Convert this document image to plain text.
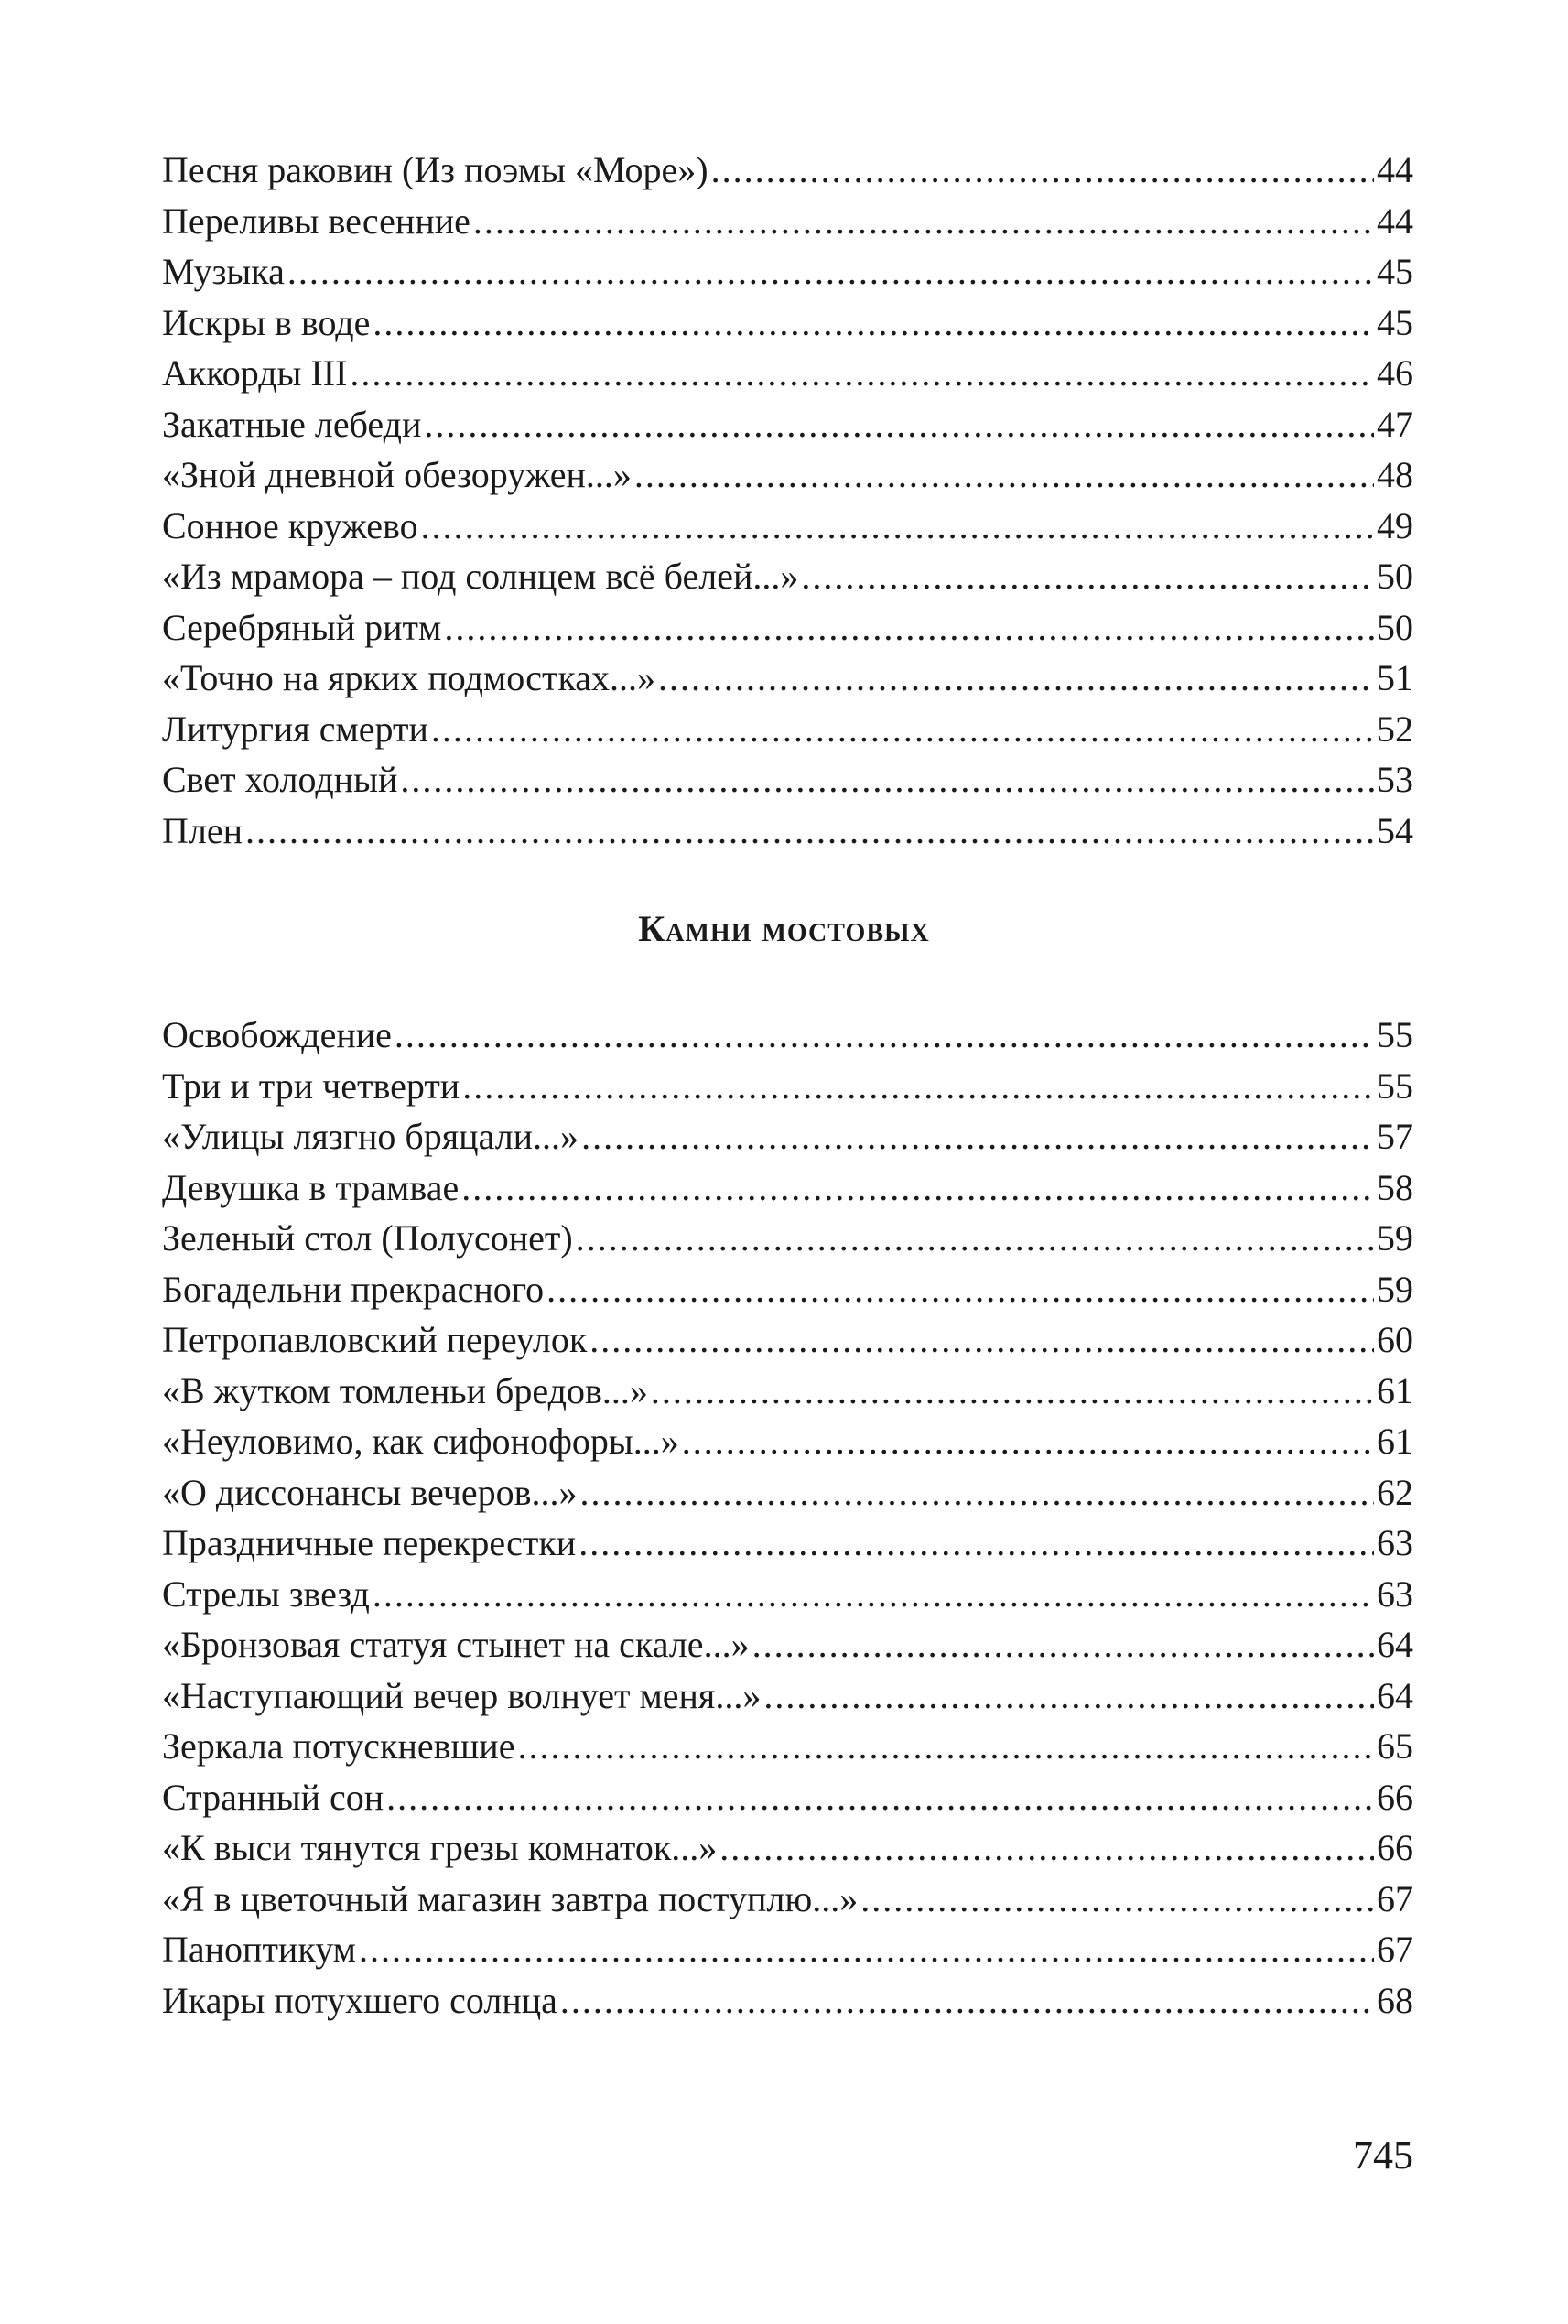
Песня раковин (Из поэмы «Море») .....	44
Переливы весенние .....	44
Музыка .....	45
Искры в воде .....	45
Аккорды III .....	46
Закатные лебеди .....	47
«Зной дневной обезоружен...» .....	48
Сонное кружево .....	49
«Из мрамора – под солнцем всё белей...» .....	50
Серебряный ритм .....	50
«Точно на ярких подмостках...» .....	51
Литургия смерти .....	52
Свет холодный .....	53
Плен .....	54
Камни мостовых
Освобождение .....	55
Три и три четверти .....	55
«Улицы лязгно бряцали...» .....	57
Девушка в трамвае .....	58
Зеленый стол (Полусонет) .....	59
Богадельни прекрасного .....	59
Петропавловский переулок .....	60
«В жутком томленьи бредов...» .....	61
«Неуловимо, как сифонофоры...» .....	61
«О диссонансы вечеров...» .....	62
Праздничные перекрестки .....	63
Стрелы звезд .....	63
«Бронзовая статуя стынет на скале...» .....	64
«Наступающий вечер волнует меня...» .....	64
Зеркала потускневшие .....	65
Странный сон .....	66
«К выси тянутся грезы комнаток...» .....	66
«Я в цветочный магазин завтра поступлю...» .....	67
Паноптикум .....	67
Икары потухшего солнца .....	68
745
